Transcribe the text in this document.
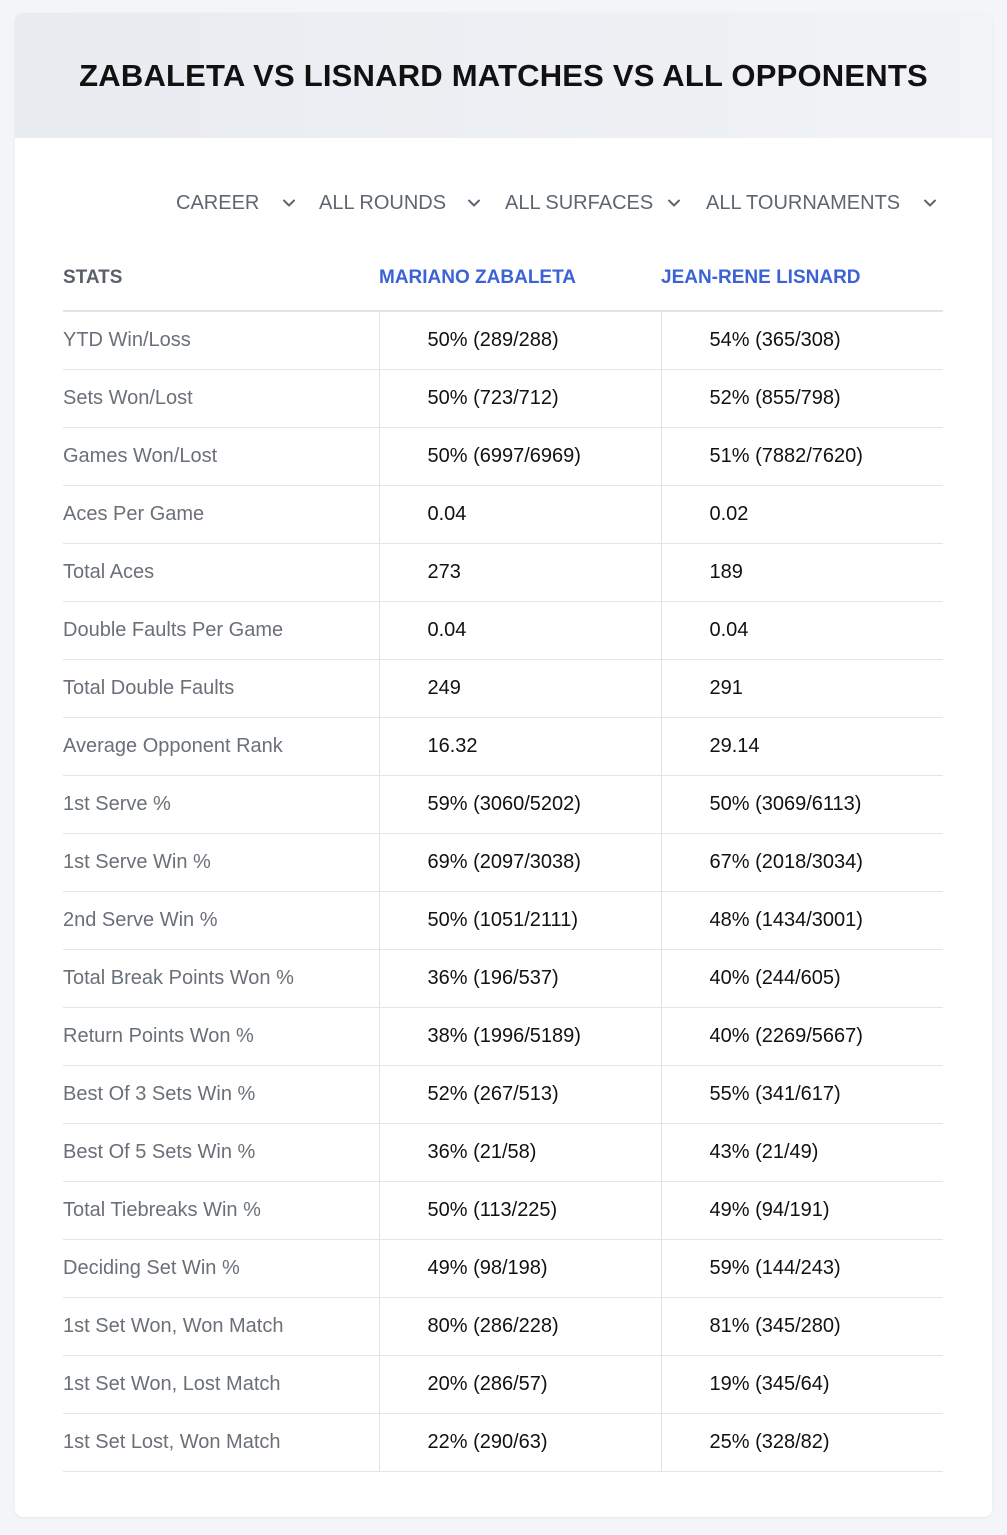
ZABALETA VS LISNARD MATCHES VS ALL OPPONENTS
CAREER	ALL ROUNDS	ALL SURFACES	ALL TOURNAMENTS
STATS	MARIANO ZABALETA	JEAN-RENE LISNARD
YTD Win/Loss	50% (289/288)	54% (365/308)
Sets Won/Lost	50% (723/712)	52% (855/798)
Games Won/Lost	50% (6997/6969)	51% (7882/7620)
Aces Per Game	0.04	0.02
Total Aces	273	189
Double Faults Per Game	0.04	0.04
Total Double Faults	249	291
Average Opponent Rank	16.32	29.14
1st Serve %	59% (3060/5202)	50% (3069/6113)
1st Serve Win %	69% (2097/3038)	67% (2018/3034)
2nd Serve Win %	50% (1051/2111)	48% (1434/3001)
Total Break Points Won %	36% (196/537)	40% (244/605)
Return Points Won %	38% (1996/5189)	40% (2269/5667)
Best Of 3 Sets Win %	52% (267/513)	55% (341/617)
Best Of 5 Sets Win %	36% (21/58)	43% (21/49)
Total Tiebreaks Win %	50% (113/225)	49% (94/191)
Deciding Set Win %	49% (98/198)	59% (144/243)
1st Set Won, Won Match	80% (286/228)	81% (345/280)
1st Set Won, Lost Match	20% (286/57)	19% (345/64)
1st Set Lost, Won Match	22% (290/63)	25% (328/82)
